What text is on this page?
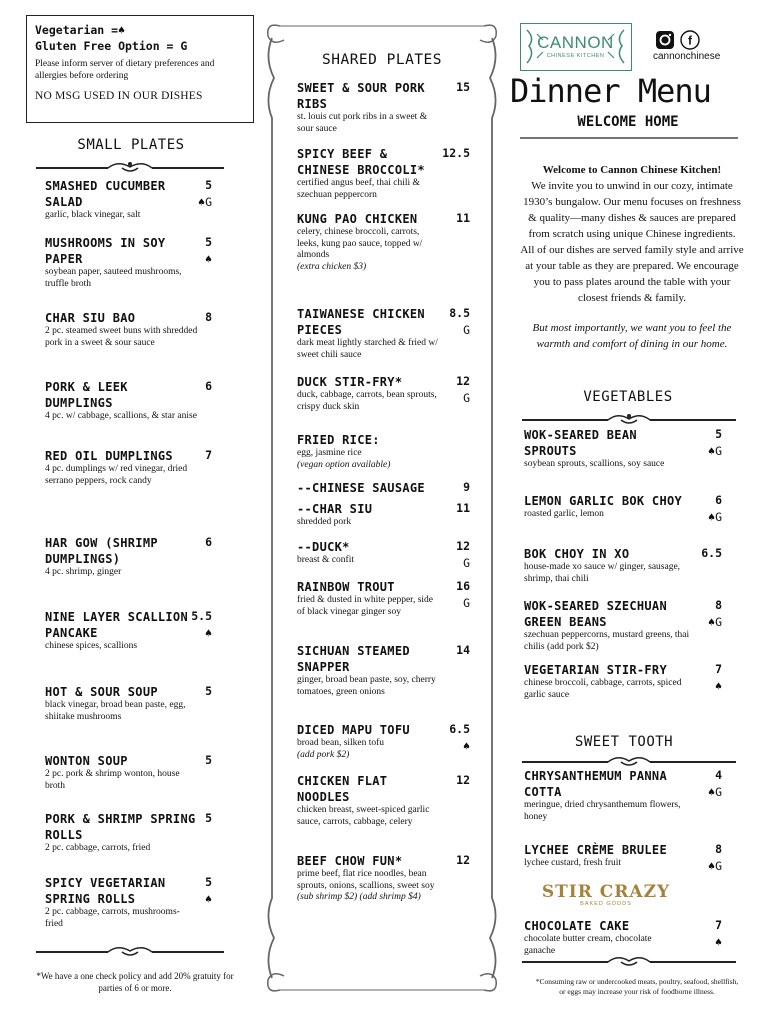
Vegetarian =♠
Gluten Free Option = G
Please inform server of dietary preferences and allergies before ordering
NO MSG USED IN OUR DISHES
SMALL PLATES
SMASHED CUCUMBER SALAD
garlic, black vinegar, salt
5
♠G
MUSHROOMS IN SOY PAPER
soybean paper, sauteed mushrooms, truffle broth
5
♠
CHAR SIU BAO
2 pc. steamed sweet buns with shredded pork in a sweet & sour sauce
8
PORK & LEEK DUMPLINGS
4 pc. w/ cabbage, scallions, & star anise
6
RED OIL DUMPLINGS
4 pc. dumplings w/ red vinegar, dried serrano peppers, rock candy
7
HAR GOW (SHRIMP DUMPLINGS)
4 pc. shrimp, ginger
6
NINE LAYER SCALLION PANCAKE
chinese spices, scallions
5.5
♠
HOT & SOUR SOUP
black vinegar, broad bean paste, egg, shiitake mushrooms
5
WONTON SOUP
2 pc. pork & shrimp wonton, house broth
5
PORK & SHRIMP SPRING ROLLS
2 pc. cabbage, carrots, fried
5
SPICY VEGETARIAN SPRING ROLLS
2 pc. cabbage, carrots, mushrooms- fried
5
♠
*We have a one check policy and add 20% gratuity for parties of 6 or more.
SHARED PLATES
SWEET & SOUR PORK RIBS
st. louis cut pork ribs in a sweet & sour sauce
15
SPICY BEEF & CHINESE BROCCOLI*
certified angus beef, thai chili & szechuan peppercorn
12.5
KUNG PAO CHICKEN
celery, chinese broccoli, carrots, leeks, kung pao sauce, topped w/ almonds
(extra chicken $3)
11
TAIWANESE CHICKEN PIECES
dark meat lightly starched & fried w/ sweet chili sauce
8.5
G
DUCK STIR-FRY*
duck, cabbage, carrots, bean sprouts, crispy duck skin
12
G
FRIED RICE:
egg, jasmine rice
(vegan option available)
--CHINESE SAUSAGE	9
--CHAR SIU
shredded pork
11
--DUCK*
breast & confit
12
G
RAINBOW TROUT
fried & dusted in white pepper, side of black vinegar ginger soy
16
G
SICHUAN STEAMED SNAPPER
ginger, broad bean paste, soy, cherry tomatoes, green onions
14
DICED MAPU TOFU
broad bean, silken tofu
(add pork $2)
6.5
♠
CHICKEN FLAT NOODLES
chicken breast, sweet-spiced garlic sauce, carrots, cabbage, celery
12
BEEF CHOW FUN*
prime beef, flat rice noodles, bean sprouts, onions, scallions, sweet soy
(sub shrimp $2) (add shrimp $4)
12
CANNON
CHINESE KITCHEN
f
cannonchinese
Dinner Menu
WELCOME HOME
Welcome to Cannon Chinese Kitchen!
We invite you to unwind in our cozy, intimate 1930’s bungalow. Our menu focuses on freshness & quality—many dishes & sauces are prepared from scratch using unique Chinese ingredients.
All of our dishes are served family style and arrive at your table as they are prepared. We encourage you to pass plates around the table with your closest friends & family.
But most importantly, we want you to feel the warmth and comfort of dining in our home.
VEGETABLES
WOK-SEARED BEAN SPROUTS
soybean sprouts, scallions, soy sauce
5
♠G
LEMON GARLIC BOK CHOY
roasted garlic, lemon
6
♠G
BOK CHOY IN XO
house-made xo sauce w/ ginger, sausage, shrimp, thai chili
6.5
WOK-SEARED SZECHUAN GREEN BEANS
szechuan peppercorns, mustard greens, thai chilis (add pork $2)
8
♠G
VEGETARIAN STIR-FRY
chinese broccoli, cabbage, carrots, spiced garlic sauce
7
♠
SWEET TOOTH
CHRYSANTHEMUM PANNA COTTA
meringue, dried chrysanthemum flowers, honey
4
♠G
LYCHEE CRÈME BRULEE
lychee custard, fresh fruit
8
♠G
CHOCOLATE CAKE
chocolate butter cream, chocolate ganache
7
♠
STIR CRAZY
BAKED GOODS
*Consuming raw or undercooked meats, poultry, seafood, shellfish, or eggs may increase your risk of foodborne illness.
